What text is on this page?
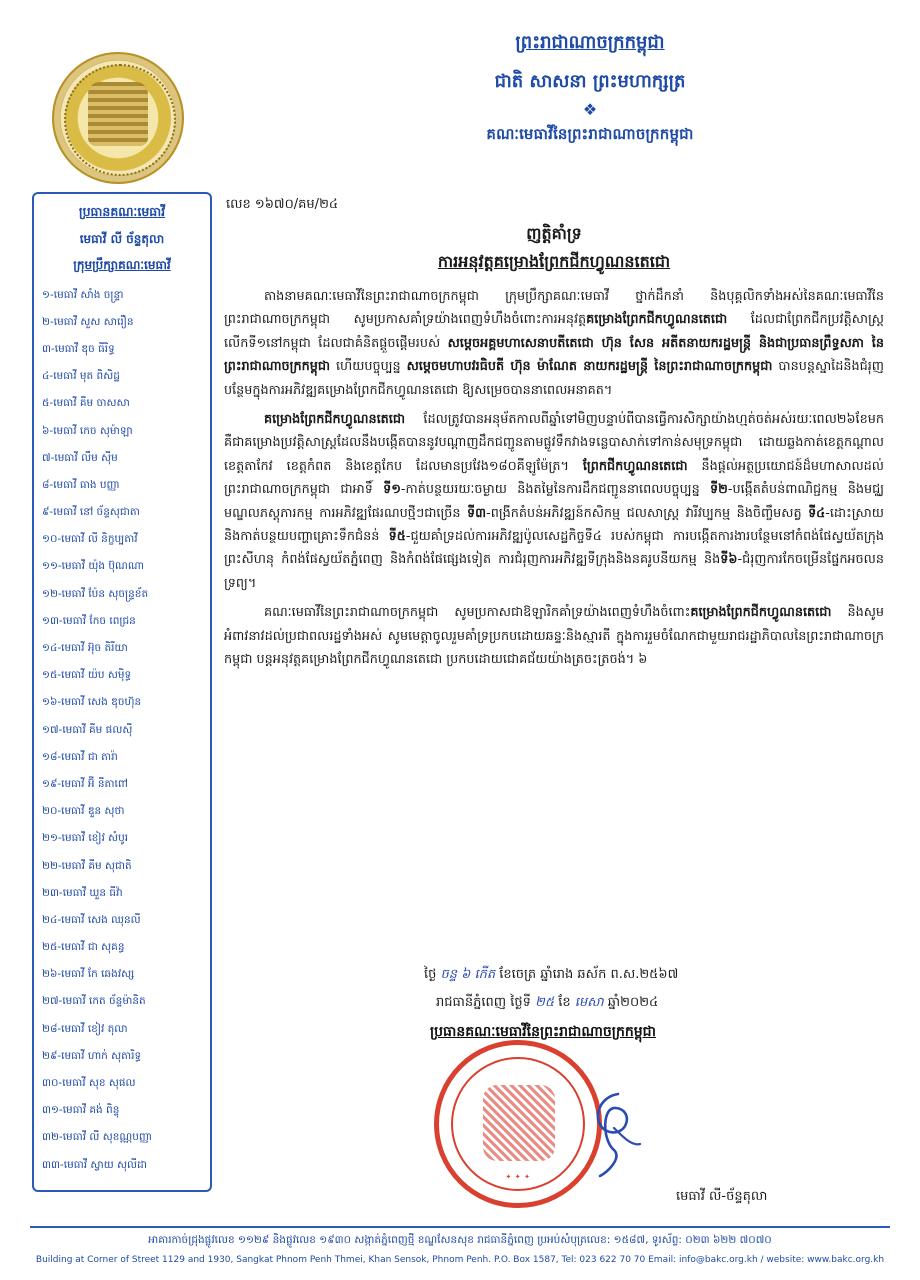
ព្រះរាជាណាចក្រកម្ពុជា
ជាតិ សាសនា ព្រះមហាក្សត្រ
❖
គណៈមេធាវីនៃព្រះរាជាណាចក្រកម្ពុជា
ប្រធានគណៈមេធាវី
មេធាវី លី ច័ន្ទតុលា
ក្រុមប្រឹក្សាគណៈមេធាវី
១-មេធាវី សាំង ចន្ទ្រា
២-មេធាវី សួស សារឿន
៣-មេធាវី ឌុច ធីរិទ្ធ
៤-មេធាវី មុត ពិសិដ្ឋ
៥-មេធាវី គីម ចាសសា
៦-មេធាវី កេច សុម៉ាឡា
៧-មេធាវី លឹម ស៊ីម
៨-មេធាវី ធាង បញ្ញា
៩-មេធាវី នៅ ច័ន្ទសុជាតា
១០-មេធាវី លី និក្ខប្បតាវី
១១-មេធាវី យ៉ុង ប៊ុណណា
១២-មេធាវី ប៉ែន សុចន្ទ្រខ័ត
១៣-មេធាវី កែច ពេជ្រន
១៤-មេធាវី អ៊ុច តិរីយា
១៥-មេធាវី យ៉ប សម៉ិទ្ធ
១៦-មេធាវី សេង ឌុចហ៊ុន
១៧-មេធាវី គីម ផលស៊ី
១៨-មេធាវី ជា តារ៉ា
១៩-មេធាវី អ៊ី នីតាពៅ
២០-មេធាវី ឌួន សុថា
២១-មេធាវី ខៀវ សំបូរ
២២-មេធាវី គីម សុជាតិ
២៣-មេធាវី ឃួន ធីវ៉ា
២៤-មេធាវី សេង ឈុនលី
២៥-មេធាវី ជា សុគន្ធ
២៦-មេធាវី កែ ឆេងវស្ស
២៧-មេធាវី កេត ច័ន្ទម៉ានិត
២៨-មេធាវី ខៀវ តុលា
២៩-មេធាវី ហាក់ សុតារិទ្ធ
៣០-មេធាវី សុខ សុផល
៣១-មេធាវី គង់ ពិន្ទុ
៣២-មេធាវី លី សុខណ្ណបញ្ញា
៣៣-មេធាវី ស្វាយ សុលីដា
លេខ ១៦៧០/គម/២៤
ញត្តិគាំទ្រ
ការអនុវត្តគម្រោងព្រែកជីកហ្វូណនតេជោ

តាងនាមគណៈមេធាវីនៃព្រះរាជាណាចក្រកម្ពុជា ក្រុមប្រឹក្សាគណៈមេធាវី ថ្នាក់ដឹកនាំ និងបុគ្គលិកទាំងអស់នៃគណៈមេធាវីនៃព្រះរាជាណាចក្រកម្ពុជា សូមប្រកាសគាំទ្រយ៉ាងពេញទំហឹងចំពោះការអនុវត្តគម្រោងព្រែកជីកហ្វូណនតេជោ ដែលជាព្រែកជីកប្រវត្តិសាស្ត្រលើកទី១នៅកម្ពុជា ដែលជាគំនិតផ្តួចផ្តើមរបស់ សម្តេចអគ្គមហាសេនាបតីតេជោ ហ៊ុន សែន អតីតនាយករដ្ឋមន្ត្រី និងជាប្រធានព្រឹទ្ធសភា នៃព្រះរាជាណាចក្រកម្ពុជា ហើយបច្ចុប្បន្ន សម្តេចមហាបវរធិបតី ហ៊ុន ម៉ាណែត នាយករដ្ឋមន្ត្រី នៃព្រះរាជាណាចក្រកម្ពុជា បានបន្តស្នាដៃនិងជំរុញបន្ថែមក្នុងការអភិវឌ្ឍគម្រោងព្រែកជីកហ្វូណនតេជោ ឱ្យសម្រេចបាននាពេលអនាគត។

គម្រោងព្រែកជីកហ្វូណនតេជោ ដែលត្រូវបានអនុម័តកាលពីឆ្នាំទៅមិញបន្ទាប់ពីបានធ្វើការសិក្សាយ៉ាងហ្មត់ចត់អស់រយៈពេល២៦ខែមក គឺជាគម្រោងប្រវត្តិសាស្ត្រដែលនឹងបង្កើតបាននូវបណ្តាញដឹកជញ្ជូនតាមផ្លូវទឹកវាងទន្លេបាសាក់ទៅកាន់សមុទ្រកម្ពុជា ដោយឆ្លងកាត់ខេត្តកណ្តាល ខេត្តតាកែវ ខេត្តកំពត និងខេត្តកែប ដែលមានប្រវែង១៨០គីឡូម៉ែត្រ។ ព្រែកជីកហ្វូណនតេជោ នឹងផ្តល់អត្ថប្រយោជន៍ដ៏មហាសាលដល់ព្រះរាជាណាចក្រកម្ពុជា ជាអាទិ៍ ទី១-កាត់បន្ថយរយៈចម្ងាយ និងតម្លៃនៃការដឹកជញ្ជូននាពេលបច្ចុប្បន្ន ទី២-បង្កើតតំបន់ពាណិជ្ជកម្ម និងមជ្ឈមណ្ឌលភស្តុភារកម្ម ការអភិវឌ្ឍផែរណបថ្មីៗជាច្រើន ទី៣-ពង្រីកតំបន់អភិវឌ្ឍន៍កសិកម្ម ជលសាស្ត្រ វារីវប្បកម្ម និងចិញ្ចឹមសត្វ ទី៤-ដោះស្រាយនិងកាត់បន្ថយបញ្ហាគ្រោះទឹកជំនន់ ទី៥-ជួយគាំទ្រដល់ការអភិវឌ្ឍប៉ូលសេដ្ឋកិច្ចទី៤ របស់កម្ពុជា ការបង្កើតការងារបន្ថែមនៅកំពង់ផែស្វយ័តក្រុងព្រះសីហនុ កំពង់ផែស្វយ័តភ្នំពេញ និងកំពង់ផែផ្សេងទៀត ការជំរុញការអភិវឌ្ឍទីក្រុងនិងនគរូបនីយកម្ម និងទី៦-ជំរុញការកែចម្រើនផ្នែកអចលនទ្រព្យ។

គណៈមេធាវីនៃព្រះរាជាណាចក្រកម្ពុជា សូមប្រកាសជាឱឡារិកគាំទ្រយ៉ាងពេញទំហឹងចំពោះគម្រោងព្រែកជីកហ្វូណនតេជោ និងសូមអំពាវនាវដល់ប្រជាពលរដ្ឋទាំងអស់ សូមមេត្តាចូលរួមគាំទ្រប្រកបដោយឆន្ទៈនិងស្មារតី ក្នុងការរួមចំណែកជាមួយរាជរដ្ឋាភិបាលនៃព្រះរាជាណាចក្រកម្ពុជា បន្តអនុវត្តគម្រោងព្រែកជីកហ្វូណនតេជោ ប្រកបដោយជោគជ័យយ៉ាងត្រចះត្រចង់។ ៦

ថ្ងៃ ចន្ទ ៦ កើត ខែចេត្រ ឆ្នាំរោង ឆស័ក ព.ស.២៥៦៧
រាជធានីភ្នំពេញ ថ្ងៃទី ២៥ ខែ មេសា ឆ្នាំ២០២៤
ប្រធានគណៈមេធាវីនៃព្រះរាជាណាចក្រកម្ពុជា
✦ ✦ ✦
មេធាវី លី-ច័ន្ទតុលា
អាគារកាច់ជ្រុងផ្លូវលេខ ១១២៩ និងផ្លូវលេខ ១៩៣០ សង្កាត់ភ្នំពេញថ្មី ខណ្ឌសែនសុខ រាជធានីភ្នំពេញ ប្រអប់សំបុត្រលេខ: ១៥៨៧, ទូរស័ព្ទ: ០២៣ ៦២២ ៧០៧០
Building at Corner of Street 1129 and 1930, Sangkat Phnom Penh Thmei, Khan Sensok, Phnom Penh. P.O. Box 1587, Tel: 023 622 70 70 Email: info@bakc.org.kh / website: www.bakc.org.kh
